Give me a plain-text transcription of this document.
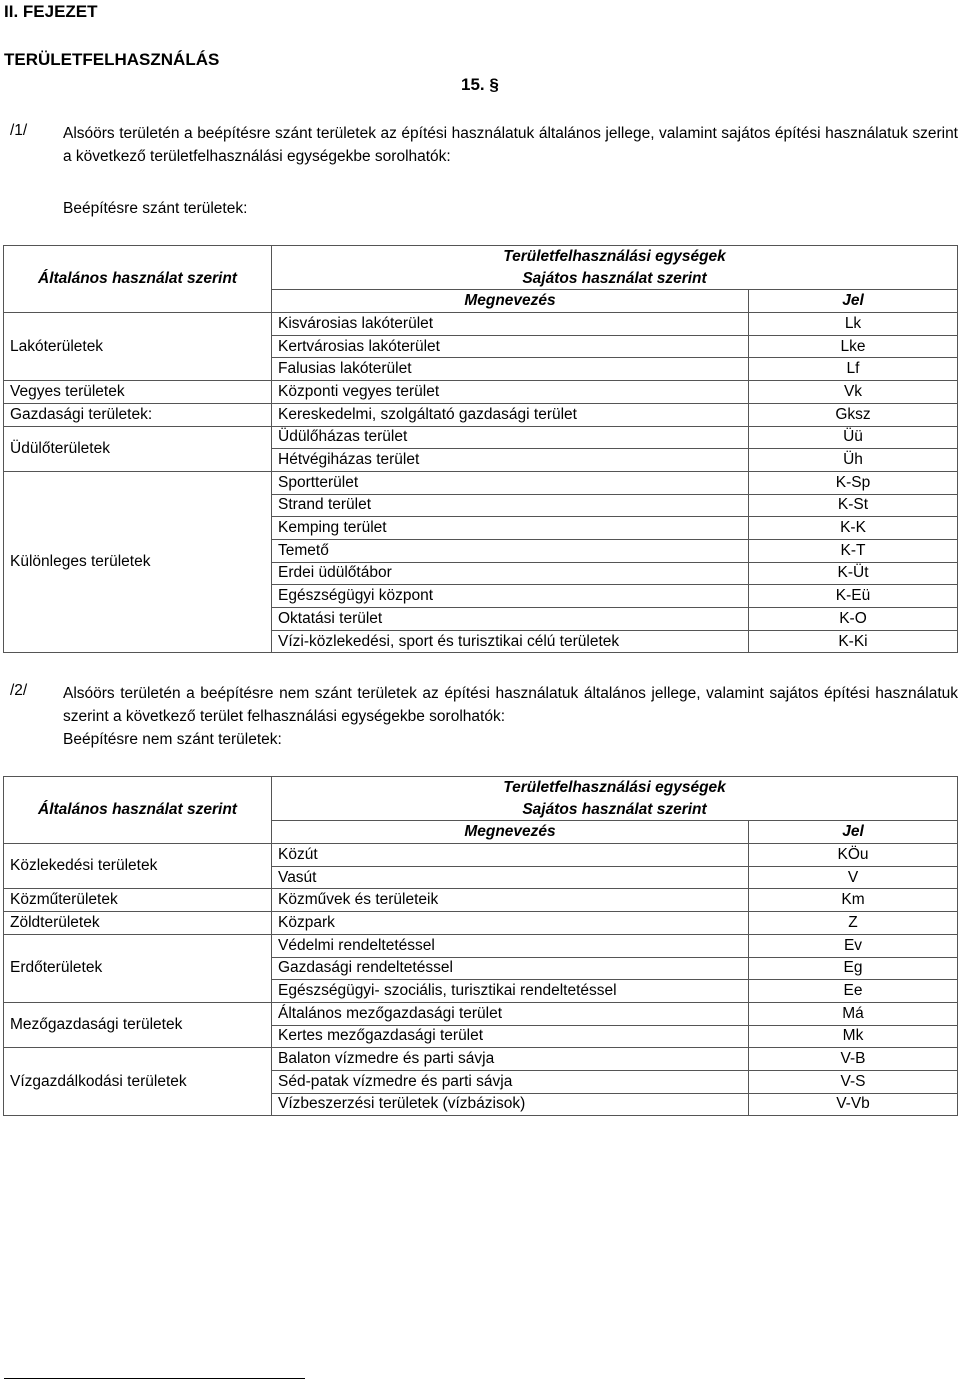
II. FEJEZET
TERÜLETFELHASZNÁLÁS
15. §
/1/ Alsóörs területén a beépítésre szánt területek az építési használatuk általános jellege, valamint sajátos építési használatuk szerint a következő területfelhasználási egységekbe sorolhatók:
Beépítésre szánt területek:
Általános használat szerint	Területfelhasználási egységek	
	Sajátos használat szerint	
	Megnevezés	Jel
Lakóterületek	Kisvárosias lakóterület	Lk
	Kertvárosias lakóterület	Lke
	Falusias lakóterület	Lf
Vegyes területek	Központi vegyes terület	Vk
Gazdasági területek:	Kereskedelmi, szolgáltató gazdasági terület	Gksz
Üdülőterületek	Üdülőházas terület	Üü
	Hétvégiházas terület	Üh
Különleges területek	Sportterület	K-Sp
	Strand terület	K-St
	Kemping terület	K-K
	Temető	K-T
	Erdei üdülőtábor	K-Üt
	Egészségügyi központ	K-Eü
	Oktatási terület	K-O
	Vízi-közlekedési, sport és turisztikai célú területek	K-Ki
/2/ Alsóörs területén a beépítésre nem szánt területek az építési használatuk általános jellege, valamint sajátos építési használatuk szerint a következő terület felhasználási egységekbe sorolhatók:
Beépítésre nem szánt területek:
Általános használat szerint	Területfelhasználási egységek	
	Sajátos használat szerint	
	Megnevezés	Jel
Közlekedési területek	Közút	KÖu
	Vasút	V
Közműterületek	Közművek és területeik	Km
Zöldterületek	Közpark	Z
Erdőterületek	Védelmi rendeltetéssel	Ev
	Gazdasági rendeltetéssel	Eg
	Egészségügyi- szociális, turisztikai rendeltetéssel	Ee
Mezőgazdasági területek	Általános mezőgazdasági terület	Má
	Kertes mezőgazdasági terület	Mk
Vízgazdálkodási területek	Balaton vízmedre és parti sávja	V-B
	Séd-patak vízmedre és parti sávja	V-S
	Vízbeszerzési területek (vízbázisok)	V-Vb
